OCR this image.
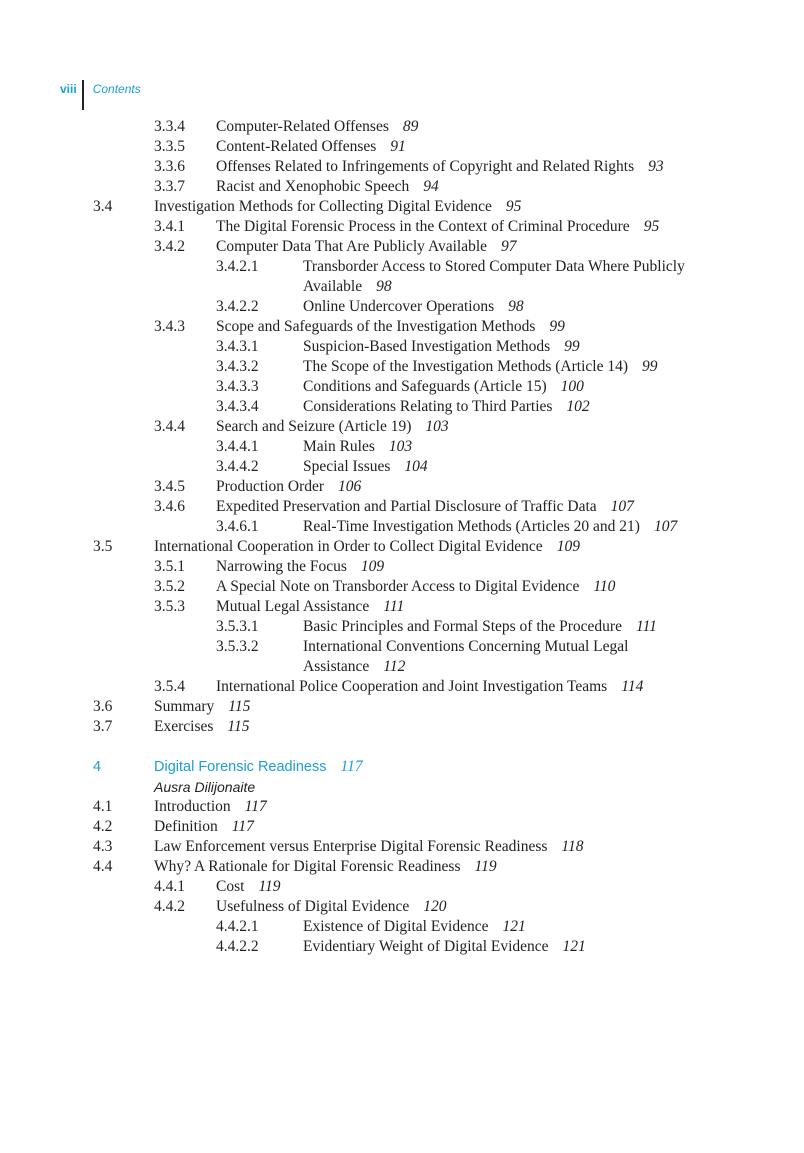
viii	Contents
3.3.4 Computer-Related Offenses 89
3.3.5 Content-Related Offenses 91
3.3.6 Offenses Related to Infringements of Copyright and Related Rights 93
3.3.7 Racist and Xenophobic Speech 94
3.4	Investigation Methods for Collecting Digital Evidence 95
3.4.1 The Digital Forensic Process in the Context of Criminal Procedure 95
3.4.2 Computer Data That Are Publicly Available 97
3.4.2.1	Transborder Access to Stored Computer Data Where Publicly Available 98
3.4.2.2	Online Undercover Operations 98
3.4.3 Scope and Safeguards of the Investigation Methods 99
3.4.3.1	Suspicion-Based Investigation Methods 99
3.4.3.2	The Scope of the Investigation Methods (Article 14) 99
3.4.3.3	Conditions and Safeguards (Article 15) 100
3.4.3.4	Considerations Relating to Third Parties 102
3.4.4 Search and Seizure (Article 19) 103
3.4.4.1	Main Rules 103
3.4.4.2	Special Issues 104
3.4.5 Production Order 106
3.4.6 Expedited Preservation and Partial Disclosure of Traffic Data 107
3.4.6.1	Real-Time Investigation Methods (Articles 20 and 21) 107
3.5	International Cooperation in Order to Collect Digital Evidence 109
3.5.1 Narrowing the Focus 109
3.5.2 A Special Note on Transborder Access to Digital Evidence 110
3.5.3 Mutual Legal Assistance 111
3.5.3.1	Basic Principles and Formal Steps of the Procedure 111
3.5.3.2	International Conventions Concerning Mutual Legal Assistance 112
3.5.4 International Police Cooperation and Joint Investigation Teams 114
3.6	Summary 115
3.7	Exercises 115
4	Digital Forensic Readiness 117
Ausra Dilijonaite
4.1	Introduction 117
4.2	Definition 117
4.3	Law Enforcement versus Enterprise Digital Forensic Readiness 118
4.4	Why? A Rationale for Digital Forensic Readiness 119
4.4.1 Cost 119
4.4.2 Usefulness of Digital Evidence 120
4.4.2.1	Existence of Digital Evidence 121
4.4.2.2	Evidentiary Weight of Digital Evidence 121
